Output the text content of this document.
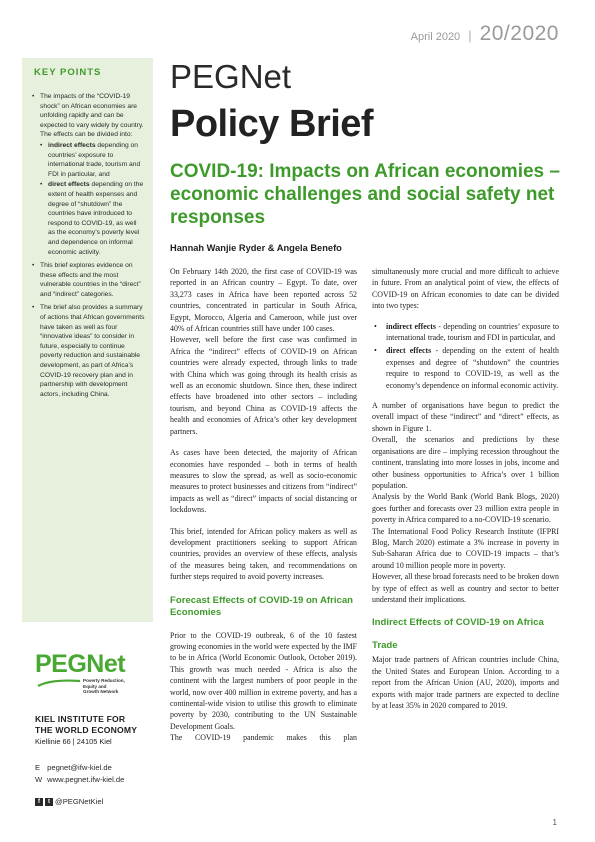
April 2020 | 20/2020
KEY POINTS
• The impacts of the “COVID-19 shock” on African economies are unfolding rapidly and can be expected to vary widely by country. The effects can be divided into:
• indirect effects depending on countries’ exposure to international trade, tourism and FDI in particular, and
• direct effects depending on the extent of health expenses and degree of “shutdown” the countries have introduced to respond to COVID-19, as well as the economy’s poverty level and dependence on informal economic activity.
• This brief explores evidence on these effects and the most vulnerable countries in the “direct” and “indirect” categories.
• The brief also provides a summary of actions that African governments have taken as well as four “innovative ideas” to consider in future, especially to continue poverty reduction and sustainable development, as part of Africa’s COVID-19 recovery plan and in partnership with development actors, including China.
PEGNet
Poverty Reduction,
Equity and
Growth Network
KIEL INSTITUTE FOR
THE WORLD ECONOMY
Kiellinie 66 | 24105 Kiel
E pegnet@ifw-kiel.de
W www.pegnet.ifw-kiel.de
f	t @PEGNetKiel
PEGNet
Policy Brief
COVID-19: Impacts on African economies – economic challenges and social safety net responses
Hannah Wanjie Ryder & Angela Benefo

On February 14th 2020, the first case of COVID-19 was reported in an African country – Egypt. To date, over 33,273 cases in Africa have been reported across 52 countries, concentrated in particular in South Africa, Egypt, Morocco, Algeria and Cameroon, while just over 40% of African countries still have under 100 cases.

However, well before the first case was confirmed in Africa the “indirect” effects of COVID-19 on African countries were already expected, through links to trade with China which was going through its health crisis as well as an economic shutdown. Since then, these indirect effects have broadened into other sectors – including tourism, and beyond China as COVID-19 affects the health and economies of Africa’s other key development partners.

As cases have been detected, the majority of African economies have responded – both in terms of health measures to slow the spread, as well as socio-economic measures to protect businesses and citizens from “indirect” impacts as well as “direct” impacts of social distancing or lockdowns.

This brief, intended for African policy makers as well as development practitioners seeking to support African countries, provides an overview of these effects, analysis of the measures being taken, and recommendations on further steps required to avoid poverty increases.

Forecast Effects of COVID-19 on African Economies

Prior to the COVID-19 outbreak, 6 of the 10 fastest growing economies in the world were expected by the IMF to be in Africa (World Economic Outlook, October 2019). This growth was much needed - Africa is also the continent with the largest numbers of poor people in the world, now over 400 million in extreme poverty, and has a continental-wide vision to utilise this growth to eliminate poverty by 2030, contributing to the UN Sustainable Development Goals.

The COVID-19 pandemic makes this plan

simultaneously more crucial and more difficult to achieve in future. From an analytical point of view, the effects of COVID-19 on African economies to date can be divided into two types:

• indirect effects - depending on countries’ exposure to international trade, tourism and FDI in particular, and
• direct effects - depending on the extent of health expenses and degree of “shutdown” the countries require to respond to COVID-19, as well as the economy’s dependence on informal economic activity.

A number of organisations have begun to predict the overall impact of these “indirect” and “direct” effects, as shown in Figure 1.

Overall, the scenarios and predictions by these organisations are dire – implying recession throughout the continent, translating into more losses in jobs, income and other business opportunities to Africa’s over 1 billion population.

Analysis by the World Bank (World Bank Blogs, 2020) goes further and forecasts over 23 million extra people in poverty in Africa compared to a no-COVID-19 scenario.

The International Food Policy Research Institute (IFPRI Blog, March 2020) estimate a 3% increase in poverty in Sub-Saharan Africa due to COVID-19 impacts – that’s around 10 million people more in poverty.

However, all these broad forecasts need to be broken down by type of effect as well as country and sector to better understand their implications.

Indirect Effects of COVID-19 on Africa
Trade

Major trade partners of African countries include China, the United States and European Union. According to a report from the African Union (AU, 2020), imports and exports with major trade partners are expected to decline by at least 35% in 2020 compared to 2019.

1
